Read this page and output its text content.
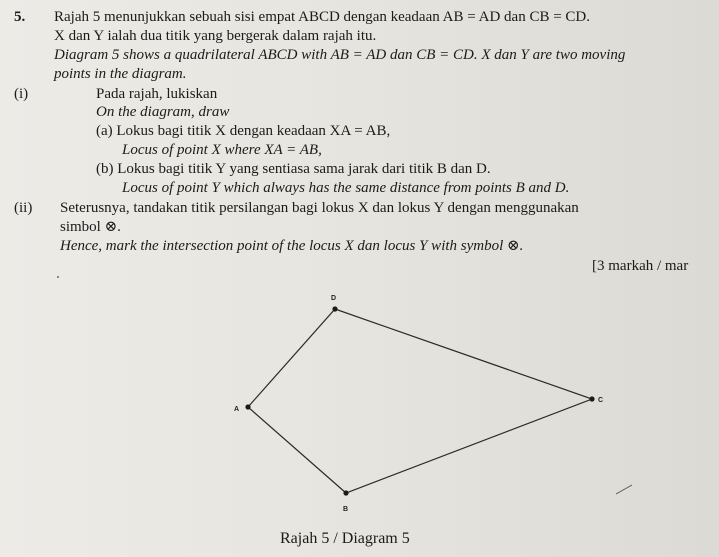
5. Rajah 5 menunjukkan sebuah sisi empat ABCD dengan keadaan AB = AD dan CB = CD.
X dan Y ialah dua titik yang bergerak dalam rajah itu.
Diagram 5 shows a quadrilateral ABCD with AB = AD dan CB = CD. X dan Y are two moving
points in the diagram.
(i)	Pada rajah, lukiskan
On the diagram, draw
(a) Lokus bagi titik X dengan keadaan XA = AB,
Locus of point X where XA = AB,
(b) Lokus bagi titik Y yang sentiasa sama jarak dari titik B dan D.
Locus of point Y which always has the same distance from points B and D.
(ii) Seterusnya, tandakan titik persilangan bagi lokus X dan lokus Y dengan menggunakan
simbol ⊗.
Hence, mark the intersection point of the locus X dan locus Y with symbol ⊗.
[3 markah / mar
A
D
C
B
Rajah 5 / Diagram 5
